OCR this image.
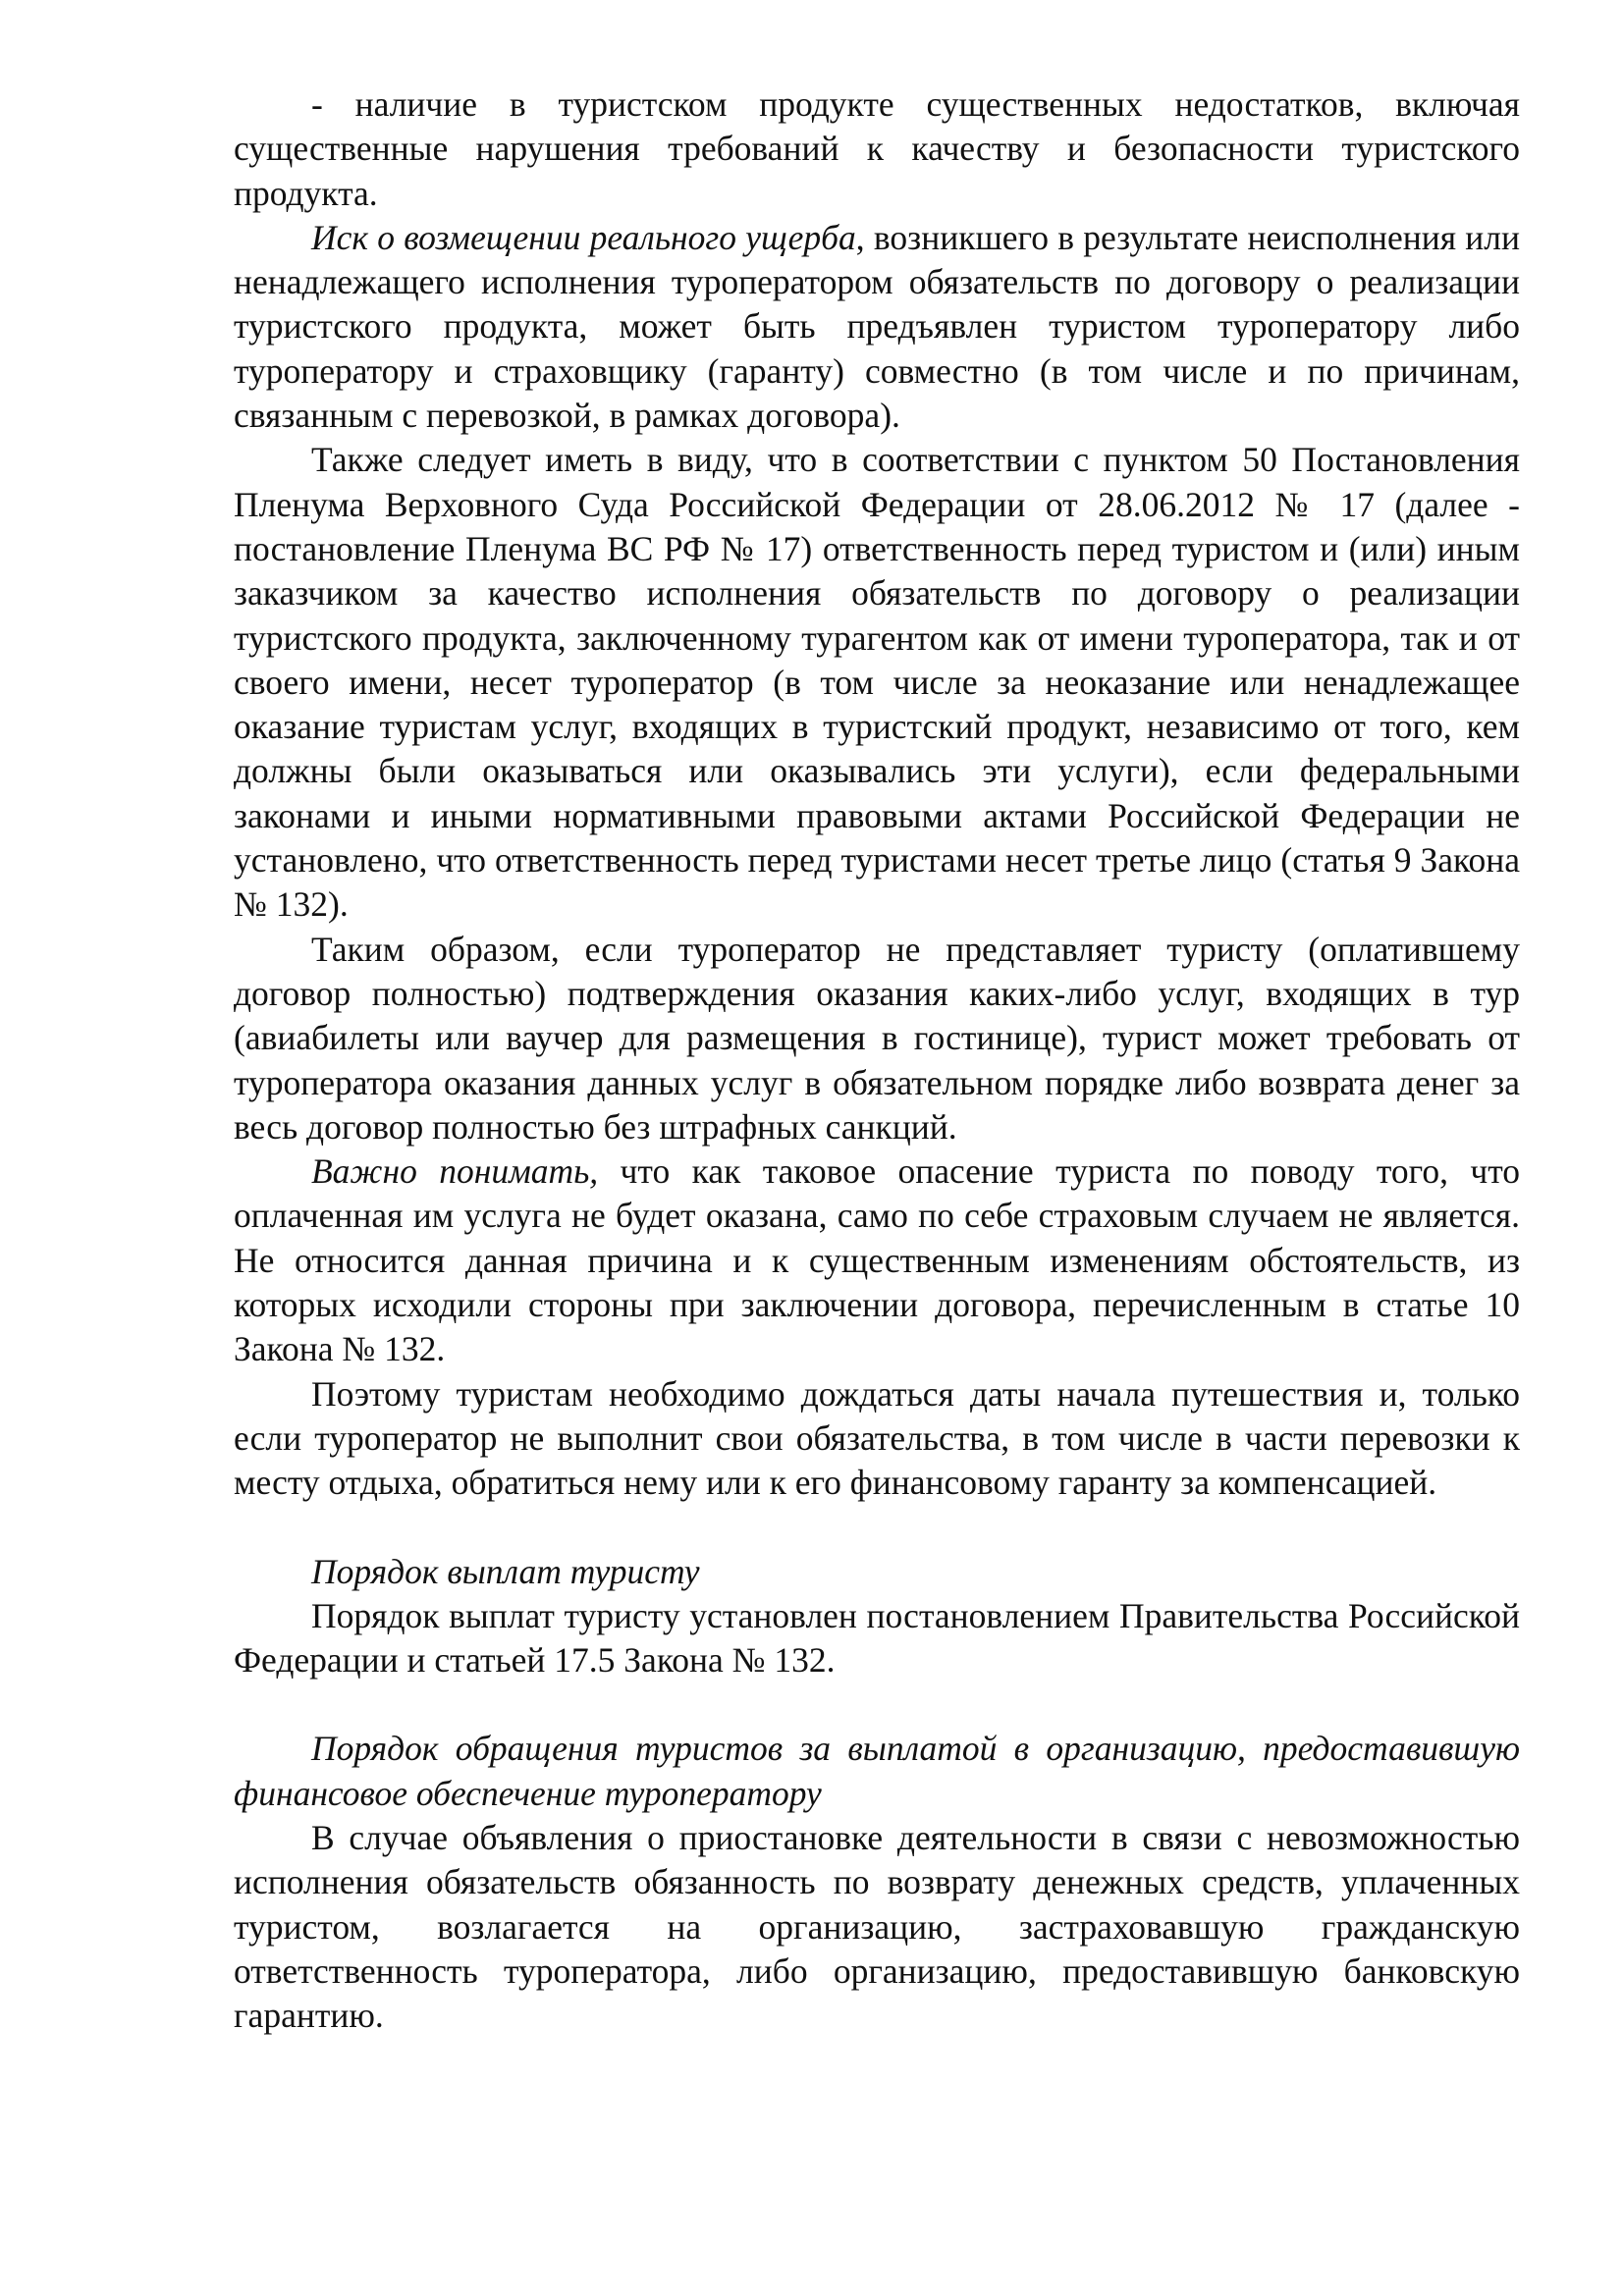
- наличие в туристском продукте существенных недостатков, включая существенные нарушения требований к качеству и безопасности туристского продукта.

Иск о возмещении реального ущерба, возникшего в результате неисполнения или ненадлежащего исполнения туроператором обязательств по договору о реализации туристского продукта, может быть предъявлен туристом туроператору либо туроператору и страховщику (гаранту) совместно (в том числе и по причинам, связанным с перевозкой, в рамках договора).

Также следует иметь в виду, что в соответствии с пунктом 50 Постановления Пленума Верховного Суда Российской Федерации от 28.06.2012 № 17 (далее - постановление Пленума ВС РФ № 17) ответственность перед туристом и (или) иным заказчиком за качество исполнения обязательств по договору о реализации туристского продукта, заключенному турагентом как от имени туроператора, так и от своего имени, несет туроператор (в том числе за неоказание или ненадлежащее оказание туристам услуг, входящих в туристский продукт, независимо от того, кем должны были оказываться или оказывались эти услуги), если федеральными законами и иными нормативными правовыми актами Российской Федерации не установлено, что ответственность перед туристами несет третье лицо (статья 9 Закона № 132).

Таким образом, если туроператор не представляет туристу (оплатившему договор полностью) подтверждения оказания каких-либо услуг, входящих в тур (авиабилеты или ваучер для размещения в гостинице), турист может требовать от туроператора оказания данных услуг в обязательном порядке либо возврата денег за весь договор полностью без штрафных санкций.

Важно понимать, что как таковое опасение туриста по поводу того, что оплаченная им услуга не будет оказана, само по себе страховым случаем не является. Не относится данная причина и к существенным изменениям обстоятельств, из которых исходили стороны при заключении договора, перечисленным в статье 10 Закона № 132.

Поэтому туристам необходимо дождаться даты начала путешествия и, только если туроператор не выполнит свои обязательства, в том числе в части перевозки к месту отдыха, обратиться нему или к его финансовому гаранту за компенсацией.

Порядок выплат туристу

Порядок выплат туристу установлен постановлением Правительства Российской Федерации и статьей 17.5 Закона № 132.

Порядок обращения туристов за выплатой в организацию, предоставившую финансовое обеспечение туроператору

В случае объявления о приостановке деятельности в связи с невозможностью исполнения обязательств обязанность по возврату денежных средств, уплаченных туристом, возлагается на организацию, застраховавшую гражданскую ответственность туроператора, либо организацию, предоставившую банковскую гарантию.
